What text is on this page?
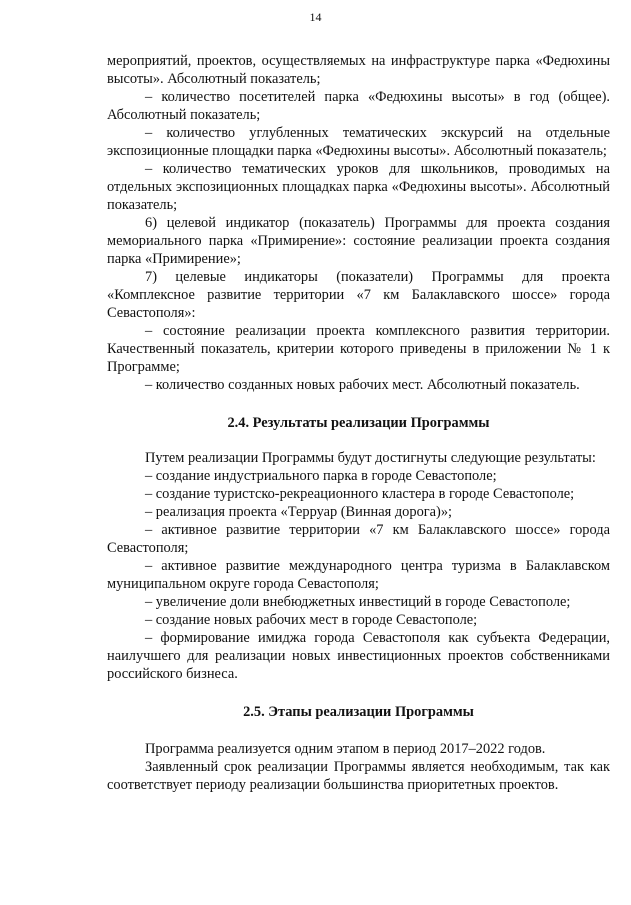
14

мероприятий, проектов, осуществляемых на инфраструктуре парка «Федюхины высоты». Абсолютный показатель;

– количество посетителей парка «Федюхины высоты» в год (общее). Абсолютный показатель;

– количество углубленных тематических экскурсий на отдельные экспозиционные площадки парка «Федюхины высоты». Абсолютный показатель;

– количество тематических уроков для школьников, проводимых на отдельных экспозиционных площадках парка «Федюхины высоты». Абсолютный показатель;

6) целевой индикатор (показатель) Программы для проекта создания мемориального парка «Примирение»: состояние реализации проекта создания парка «Примирение»;

7) целевые индикаторы (показатели) Программы для проекта «Комплексное развитие территории «7 км Балаклавского шоссе» города Севастополя»:

– состояние реализации проекта комплексного развития территории. Качественный показатель, критерии которого приведены в приложении № 1 к Программе;

– количество созданных новых рабочих мест. Абсолютный показатель.

2.4. Результаты реализации Программы

Путем реализации Программы будут достигнуты следующие результаты:

– создание индустриального парка в городе Севастополе;

– создание туристско-рекреационного кластера в городе Севастополе;

– реализация проекта «Терруар (Винная дорога)»;

– активное развитие территории «7 км Балаклавского шоссе» города Севастополя;

– активное развитие международного центра туризма в Балаклавском муниципальном округе города Севастополя;

– увеличение доли внебюджетных инвестиций в городе Севастополе;

– создание новых рабочих мест в городе Севастополе;

– формирование имиджа города Севастополя как субъекта Федерации, наилучшего для реализации новых инвестиционных проектов собственниками российского бизнеса.

2.5. Этапы реализации Программы

Программа реализуется одним этапом в период 2017–2022 годов.

Заявленный срок реализации Программы является необходимым, так как соответствует периоду реализации большинства приоритетных проектов.
